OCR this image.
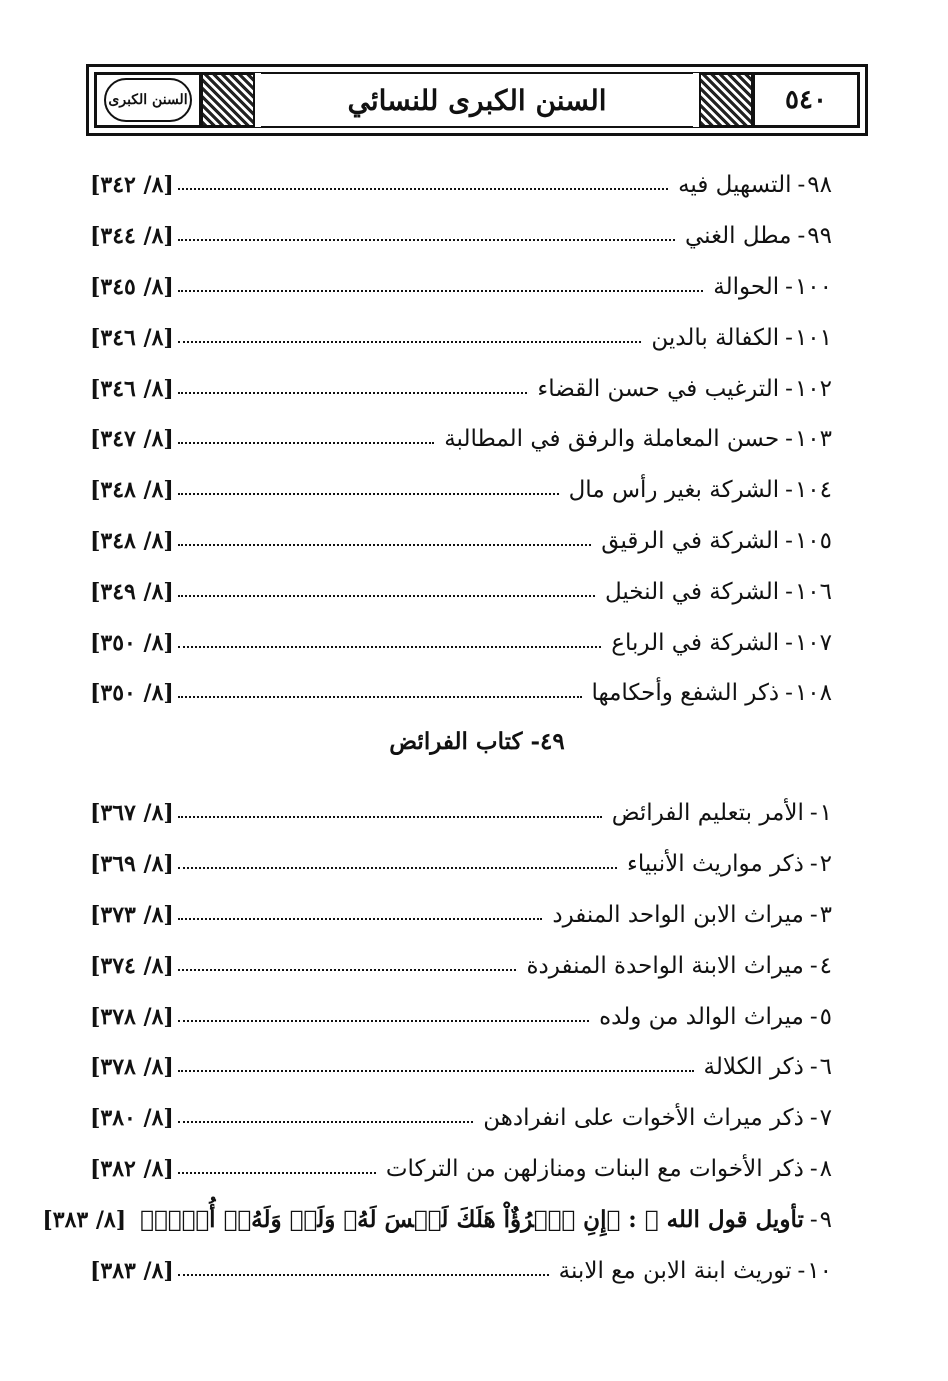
السنن الكبرى	السنن الكبرى للنسائي	٥٤٠
٩٨
-
التسهيل فيه
[٨/ ٣٤٢]
٩٩
-
مطل الغني
[٨/ ٣٤٤]
١٠٠
-
الحوالة
[٨/ ٣٤٥]
١٠١
-
الكفالة بالدين
[٨/ ٣٤٦]
١٠٢
-
الترغيب في حسن القضاء
[٨/ ٣٤٦]
١٠٣
-
حسن المعاملة والرفق في المطالبة
[٨/ ٣٤٧]
١٠٤
-
الشركة بغير رأس مال
[٨/ ٣٤٨]
١٠٥
-
الشركة في الرقيق
[٨/ ٣٤٨]
١٠٦
-
الشركة في النخيل
[٨/ ٣٤٩]
١٠٧
-
الشركة في الرباع
[٨/ ٣٥٠]
١٠٨
-
ذكر الشفع وأحكامها
[٨/ ٣٥٠]
٤٩- كتاب الفرائض
١
-
الأمر بتعليم الفرائض
[٨/ ٣٦٧]
٢
-
ذكر مواريث الأنبياء
[٨/ ٣٦٩]
٣
-
ميراث الابن الواحد المنفرد
[٨/ ٣٧٣]
٤
-
ميراث الابنة الواحدة المنفردة
[٨/ ٣٧٤]
٥
-
ميراث الوالد من ولده
[٨/ ٣٧٨]
٦
-
ذكر الكلالة
[٨/ ٣٧٨]
٧
-
ذكر ميراث الأخوات على انفرادهن
[٨/ ٣٨٠]
٨
-
ذكر الأخوات مع البنات ومنازلهن من التركات
[٨/ ٣٨٢]
٩
-
تأويل قول الله ﷻ : ﴿إِنِ ٱمۡرُؤٌاْ هَلَكَ لَيۡسَ لَهُۥ وَلَدٞ وَلَهُۥٓ أُخۡتٞ﴾
[٨/ ٣٨٣]
١٠
-
توريث ابنة الابن مع الابنة
[٨/ ٣٨٣]
